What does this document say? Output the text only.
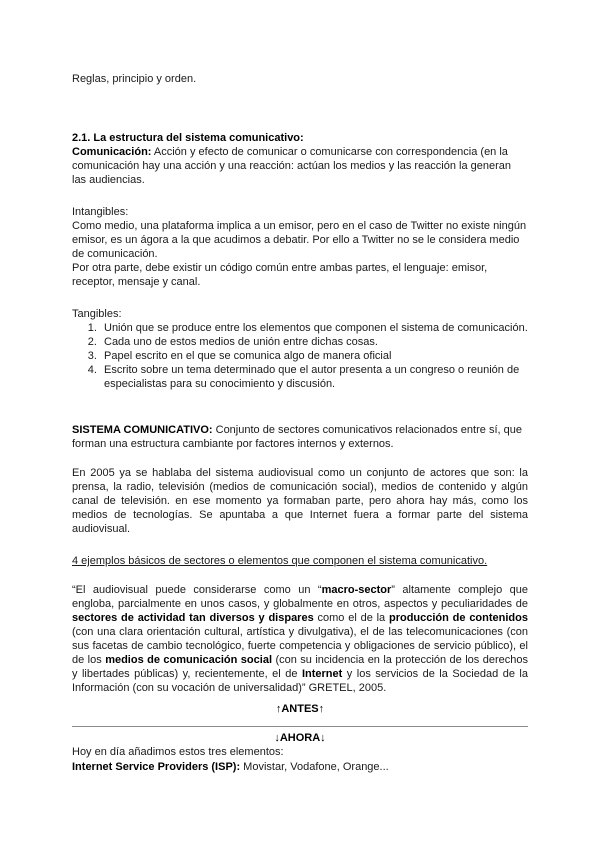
Reglas, principio y orden.

2.1. La estructura del sistema comunicativo:

Comunicación: Acción y efecto de comunicar o comunicarse con correspondencia (en la comunicación hay una acción y una reacción: actúan los medios y las reacción la generan las audiencias.

Intangibles:

Como medio, una plataforma implica a un emisor, pero en el caso de Twitter no existe ningún emisor, es un ágora a la que acudimos a debatir. Por ello a Twitter no se le considera medio de comunicación.

Por otra parte, debe existir un código común entre ambas partes, el lenguaje: emisor, receptor, mensaje y canal.

Tangibles:

1. Unión que se produce entre los elementos que componen el sistema de comunicación.
2. Cada uno de estos medios de unión entre dichas cosas.
3. Papel escrito en el que se comunica algo de manera oficial
4. Escrito sobre un tema determinado que el autor presenta a un congreso o reunión de especialistas para su conocimiento y discusión.

SISTEMA COMUNICATIVO: Conjunto de sectores comunicativos relacionados entre sí, que forman una estructura cambiante por factores internos y externos.

En 2005 ya se hablaba del sistema audiovisual como un conjunto de actores que son: la prensa, la radio, televisión (medios de comunicación social), medios de contenido y algún canal de televisión. en ese momento ya formaban parte, pero ahora hay más, como los medios de tecnologías. Se apuntaba a que Internet fuera a formar parte del sistema audiovisual.

4 ejemplos básicos de sectores o elementos que componen el sistema comunicativo.

“El audiovisual puede considerarse como un “macro-sector” altamente complejo que engloba, parcialmente en unos casos, y globalmente en otros, aspectos y peculiaridades de sectores de actividad tan diversos y dispares como el de la producción de contenidos (con una clara orientación cultural, artística y divulgativa), el de las telecomunicaciones (con sus facetas de cambio tecnológico, fuerte competencia y obligaciones de servicio público), el de los medios de comunicación social (con su incidencia en la protección de los derechos y libertades públicas) y, recientemente, el de Internet y los servicios de la Sociedad de la Información (con su vocación de universalidad)” GRETEL, 2005.

↑ANTES↑

↓AHORA↓

Hoy en día añadimos estos tres elementos:

Internet Service Providers (ISP): Movistar, Vodafone, Orange...
